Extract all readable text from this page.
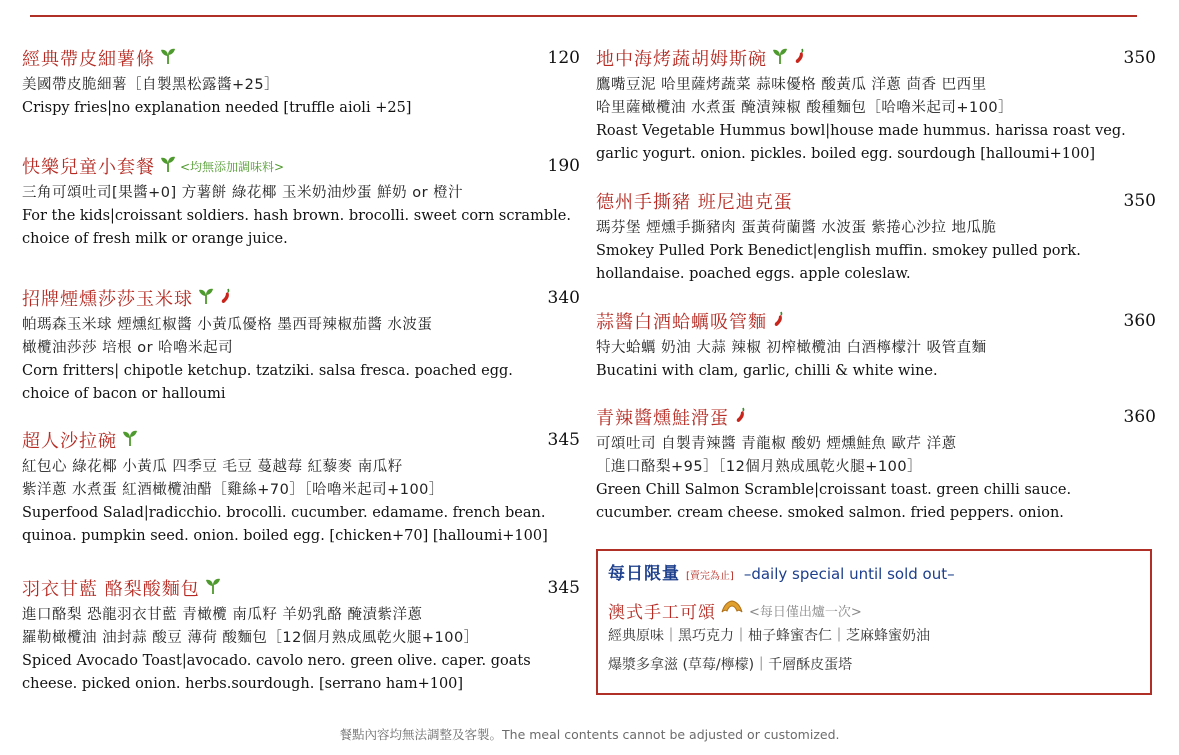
經典帶皮細薯條	120
美國帶皮脆細薯［自製黑松露醬+25］
Crispy fries|no explanation needed [truffle aioli +25]
快樂兒童小套餐 <均無添加調味料>	190
三角可頌吐司[果醬+0] 方薯餅 綠花椰 玉米奶油炒蛋 鮮奶 or 橙汁
For the kids|croissant soldiers. hash brown. brocolli. sweet corn scramble.
choice of fresh milk or orange juice.
招牌煙燻莎莎玉米球	340
帕瑪森玉米球 煙燻紅椒醬 小黃瓜優格 墨西哥辣椒茄醬 水波蛋
橄欖油莎莎 培根 or 哈嚕米起司
Corn fritters| chipotle ketchup. tzatziki. salsa fresca. poached egg.
choice of bacon or halloumi
超人沙拉碗	345
紅包心 綠花椰 小黃瓜 四季豆 毛豆 蔓越莓 紅藜麥 南瓜籽
紫洋蔥 水煮蛋 紅酒橄欖油醋［雞絲+70］［哈嚕米起司+100］
Superfood Salad|radicchio. brocolli. cucumber. edamame. french bean.
quinoa. pumpkin seed. onion. boiled egg. [chicken+70] [halloumi+100]
羽衣甘藍 酪梨酸麵包	345
進口酪梨 恐龍羽衣甘藍 青橄欖 南瓜籽 羊奶乳酪 醃漬紫洋蔥
羅勒橄欖油 油封蒜 酸豆 薄荷 酸麵包［12個月熟成風乾火腿+100］
Spiced Avocado Toast|avocado. cavolo nero. green olive. caper. goats
cheese. picked onion. herbs.sourdough. [serrano ham+100]
地中海烤蔬胡姆斯碗	350
鷹嘴豆泥 哈里薩烤蔬菜 蒜味優格 酸黃瓜 洋蔥 茴香 巴西里
哈里薩橄欖油 水煮蛋 醃漬辣椒 酸種麵包［哈嚕米起司+100］
Roast Vegetable Hummus bowl|house made hummus. harissa roast veg.
garlic yogurt. onion. pickles. boiled egg. sourdough [halloumi+100]
德州手撕豬 班尼迪克蛋	350
瑪芬堡 煙燻手撕豬肉 蛋黃荷蘭醬 水波蛋 紫捲心沙拉 地瓜脆
Smokey Pulled Pork Benedict|english muffin. smokey pulled pork.
hollandaise. poached eggs. apple coleslaw.
蒜醬白酒蛤蠣吸管麵	360
特大蛤蠣 奶油 大蒜 辣椒 初榨橄欖油 白酒檸檬汁 吸管直麵
Bucatini with clam, garlic, chilli & white wine.
青辣醬燻鮭滑蛋	360
可頌吐司 自製青辣醬 青龍椒 酸奶 煙燻鮭魚 歐芹 洋蔥
［進口酪梨+95］［12個月熟成風乾火腿+100］
Green Chill Salmon Scramble|croissant toast. green chilli sauce.
cucumber. cream cheese. smoked salmon. fried peppers. onion.
每日限量 [賣完為止] –daily special until sold out–
澳式手工可頌	<每日僅出爐一次>
經典原味｜黑巧克力｜柚子蜂蜜杏仁｜芝麻蜂蜜奶油
爆漿多拿滋 (草莓/檸檬)｜千層酥皮蛋塔
餐點內容均無法調整及客製。The meal contents cannot be adjusted or customized.
